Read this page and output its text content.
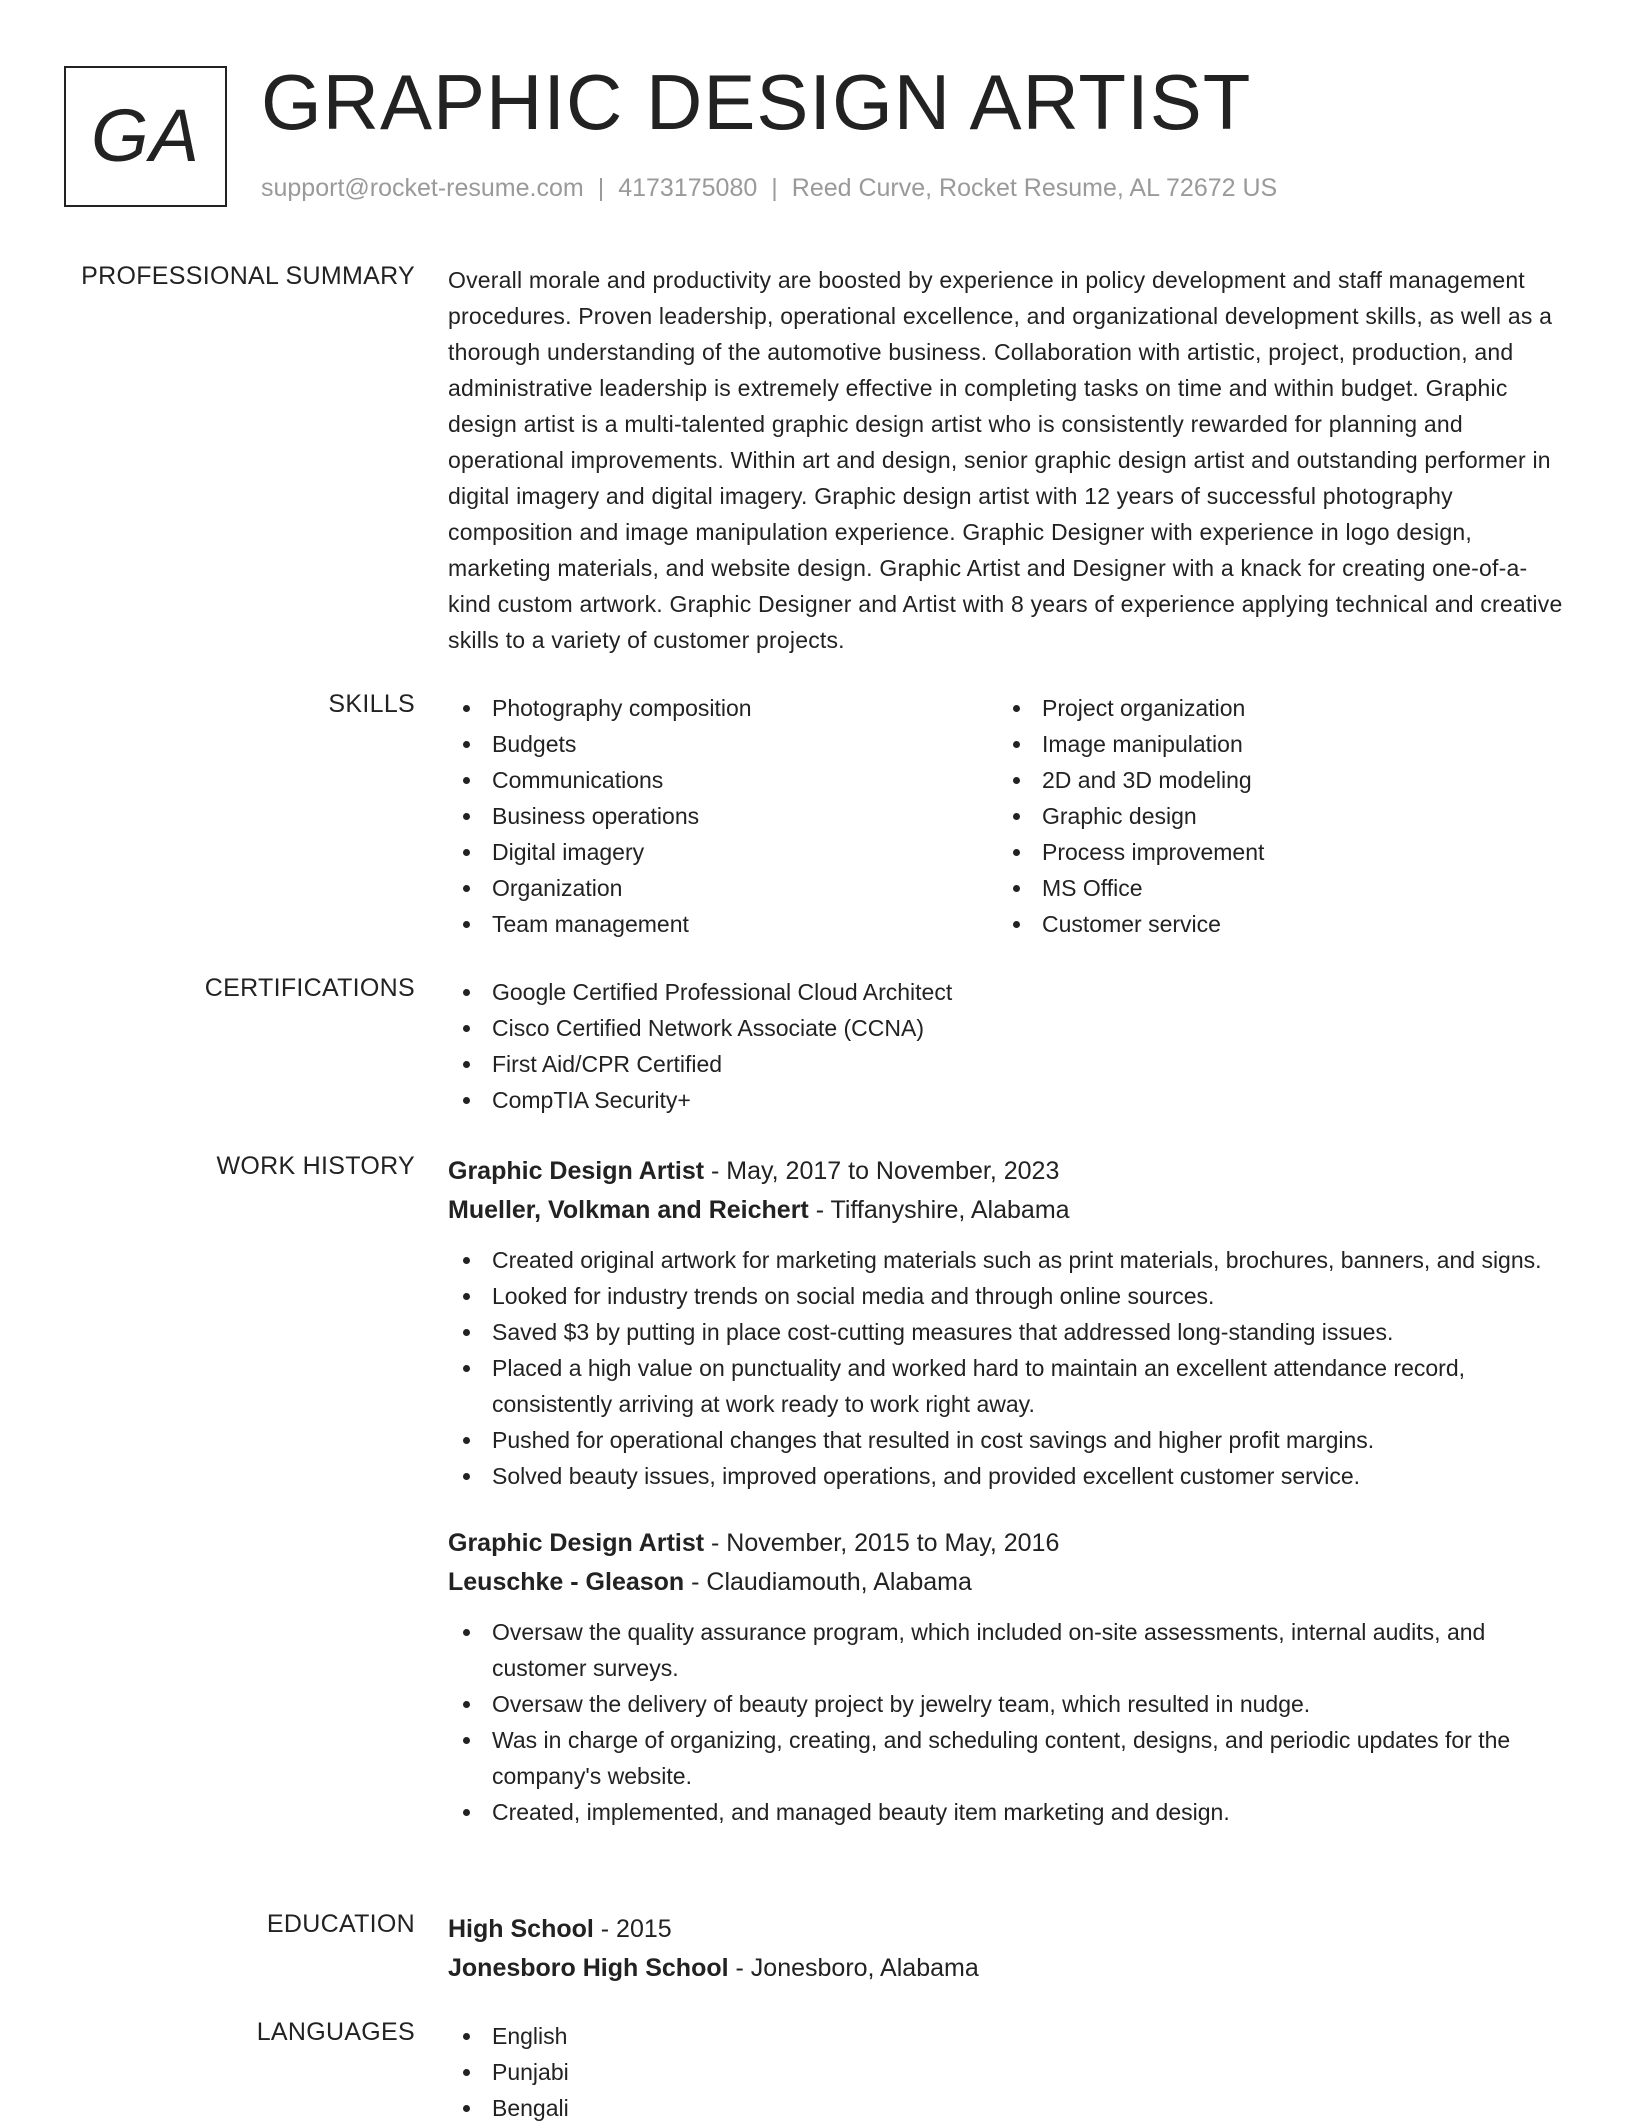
GA GRAPHIC DESIGN ARTIST
support@rocket-resume.com | 4173175080 | Reed Curve, Rocket Resume, AL 72672 US
PROFESSIONAL SUMMARY Overall morale and productivity are boosted by experience in policy development and staff management procedures. Proven leadership, operational excellence, and organizational development skills, as well as a thorough understanding of the automotive business. Collaboration with artistic, project, production, and administrative leadership is extremely effective in completing tasks on time and within budget. Graphic design artist is a multi-talented graphic design artist who is consistently rewarded for planning and operational improvements. Within art and design, senior graphic design artist and outstanding performer in digital imagery and digital imagery. Graphic design artist with 12 years of successful photography composition and image manipulation experience. Graphic Designer with experience in logo design, marketing materials, and website design. Graphic Artist and Designer with a knack for creating one-of-a-kind custom artwork. Graphic Designer and Artist with 8 years of experience applying technical and creative skills to a variety of customer projects.

SKILLS	Photography composition
Budgets
Communications
Business operations
Digital imagery
Organization
Team management
Project organization
Image manipulation
2D and 3D modeling
Graphic design
Process improvement
MS Office
Customer service
CERTIFICATIONS	Google Certified Professional Cloud Architect
Cisco Certified Network Associate (CCNA)
First Aid/CPR Certified
CompTIA Security+
WORK HISTORY Graphic Design Artist - May, 2017 to November, 2023
Mueller, Volkman and Reichert - Tiffanyshire, Alabama
Created original artwork for marketing materials such as print materials, brochures, banners, and signs.
Looked for industry trends on social media and through online sources.
Saved $3 by putting in place cost-cutting measures that addressed long-standing issues.
Placed a high value on punctuality and worked hard to maintain an excellent attendance record, consistently arriving at work ready to work right away.
Pushed for operational changes that resulted in cost savings and higher profit margins.
Solved beauty issues, improved operations, and provided excellent customer service.
Graphic Design Artist - November, 2015 to May, 2016
Leuschke - Gleason - Claudiamouth, Alabama
Oversaw the quality assurance program, which included on-site assessments, internal audits, and customer surveys.
Oversaw the delivery of beauty project by jewelry team, which resulted in nudge.
Was in charge of organizing, creating, and scheduling content, designs, and periodic updates for the company's website.
Created, implemented, and managed beauty item marketing and design.
EDUCATION High School - 2015
Jonesboro High School - Jonesboro, Alabama
LANGUAGES	English
Punjabi
Bengali
